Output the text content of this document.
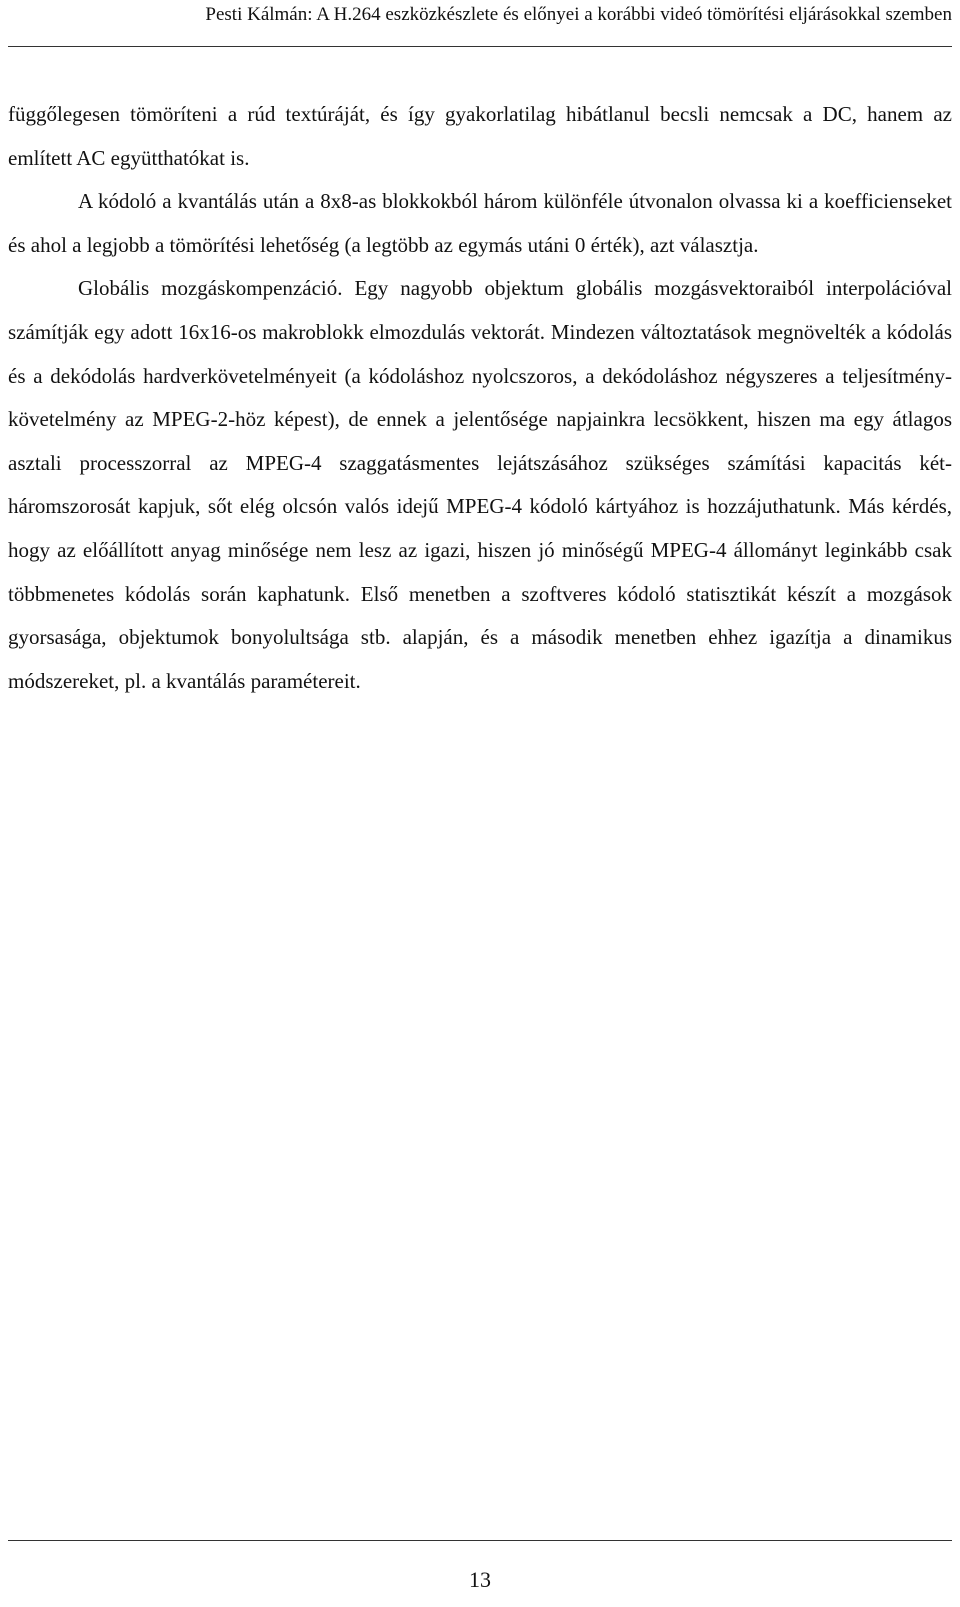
Pesti Kálmán: A H.264 eszközkészlete és előnyei a korábbi videó tömörítési eljárásokkal szemben

függőlegesen tömöríteni a rúd textúráját, és így gyakorlatilag hibátlanul becsli nemcsak a DC, hanem az említett AC együtthatókat is.

A kódoló a kvantálás után a 8x8-as blokkokból három különféle útvonalon olvassa ki a koefficienseket és ahol a legjobb a tömörítési lehetőség (a legtöbb az egymás utáni 0 érték), azt választja.

Globális mozgáskompenzáció. Egy nagyobb objektum globális mozgásvektoraiból interpolációval számítják egy adott 16x16-os makroblokk elmozdulás vektorát. Mindezen változtatások megnövelték a kódolás és a dekódolás hardverkövetelményeit (a kódoláshoz nyolcszoros, a dekódoláshoz négyszeres a teljesítmény-követelmény az MPEG-2-höz képest), de ennek a jelentősége napjainkra lecsökkent, hiszen ma egy átlagos asztali processzorral az MPEG-4 szaggatásmentes lejátszásához szükséges számítási kapacitás két-háromszorosát kapjuk, sőt elég olcsón valós idejű MPEG-4 kódoló kártyához is hozzájuthatunk. Más kérdés, hogy az előállított anyag minősége nem lesz az igazi, hiszen jó minőségű MPEG-4 állományt leginkább csak többmenetes kódolás során kaphatunk. Első menetben a szoftveres kódoló statisztikát készít a mozgások gyorsasága, objektumok bonyolultsága stb. alapján, és a második menetben ehhez igazítja a dinamikus módszereket, pl. a kvantálás paramétereit.

13
